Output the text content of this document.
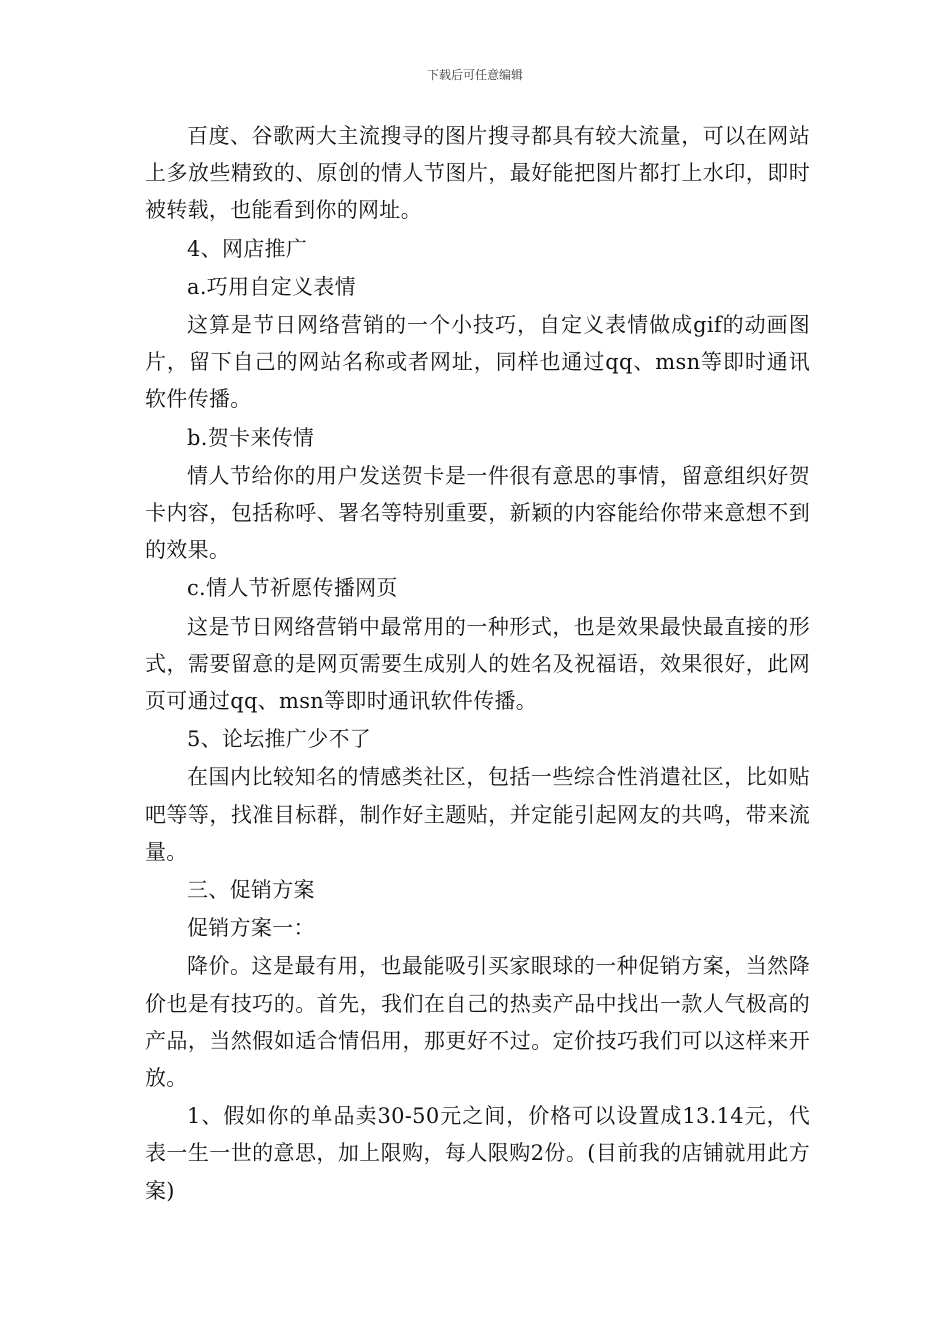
下载后可任意编辑

百度、谷歌两大主流搜寻的图片搜寻都具有较大流量，可以在网站上多放些精致的、原创的情人节图片，最好能把图片都打上水印，即时被转载，也能看到你的网址。

4、网店推广

a.巧用自定义表情

这算是节日网络营销的一个小技巧，自定义表情做成gif的动画图片，留下自己的网站名称或者网址，同样也通过qq、msn等即时通讯软件传播。

b.贺卡来传情

情人节给你的用户发送贺卡是一件很有意思的事情，留意组织好贺卡内容，包括称呼、署名等特别重要，新颖的内容能给你带来意想不到的效果。

c.情人节祈愿传播网页

这是节日网络营销中最常用的一种形式，也是效果最快最直接的形式，需要留意的是网页需要生成别人的姓名及祝福语，效果很好，此网页可通过qq、msn等即时通讯软件传播。

5、论坛推广少不了

在国内比较知名的情感类社区，包括一些综合性消遣社区，比如贴吧等等，找准目标群，制作好主题贴，并定能引起网友的共鸣，带来流量。

三、促销方案

促销方案一：

降价。这是最有用，也最能吸引买家眼球的一种促销方案，当然降价也是有技巧的。首先，我们在自己的热卖产品中找出一款人气极高的产品，当然假如适合情侣用，那更好不过。定价技巧我们可以这样来开放。

1、假如你的单品卖30-50元之间，价格可以设置成13.14元，代表一生一世的意思，加上限购，每人限购2份。(目前我的店铺就用此方案)
